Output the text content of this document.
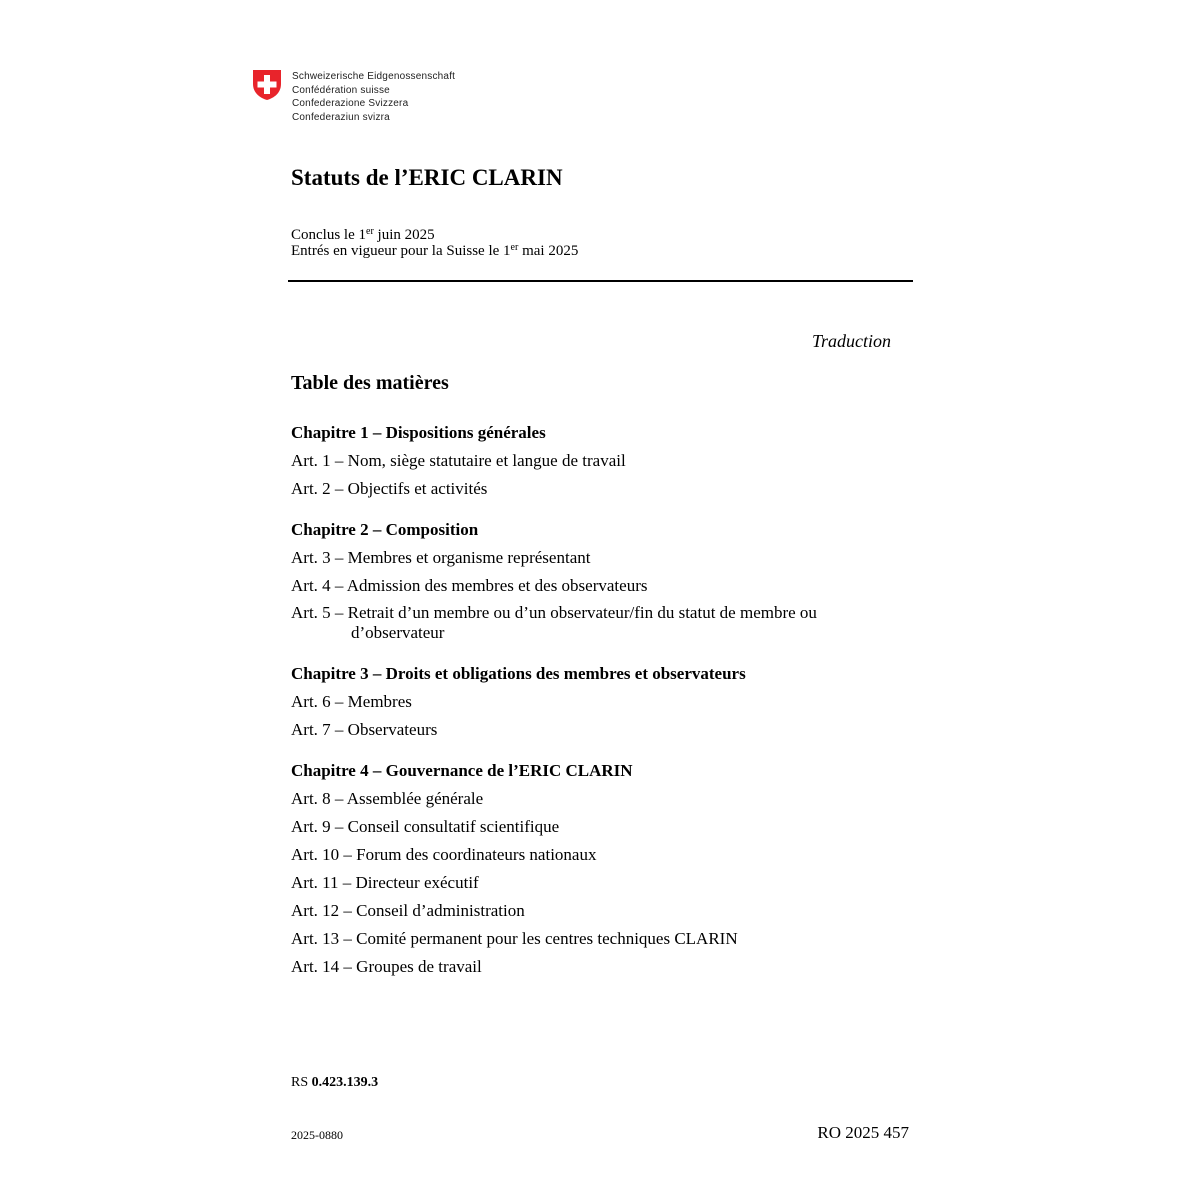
Schweizerische Eidgenossenschaft
Confédération suisse
Confederazione Svizzera
Confederaziun svizra
Statuts de l’ERIC CLARIN
Conclus le 1er juin 2025
Entrés en vigueur pour la Suisse le 1er mai 2025
Traduction
Table des matières
Chapitre 1 – Dispositions générales
Art. 1 – Nom, siège statutaire et langue de travail
Art. 2 – Objectifs et activités
Chapitre 2 – Composition
Art. 3 – Membres et organisme représentant
Art. 4 – Admission des membres et des observateurs
Art. 5 – Retrait d’un membre ou d’un observateur/fin du statut de membre ou d’observateur
Chapitre 3 – Droits et obligations des membres et observateurs
Art. 6 – Membres
Art. 7 – Observateurs
Chapitre 4 – Gouvernance de l’ERIC CLARIN
Art. 8 – Assemblée générale
Art. 9 – Conseil consultatif scientifique
Art. 10 – Forum des coordinateurs nationaux
Art. 11 – Directeur exécutif
Art. 12 – Conseil d’administration
Art. 13 – Comité permanent pour les centres techniques CLARIN
Art. 14 – Groupes de travail
RS 0.423.139.3
2025-0880	RO 2025 457
